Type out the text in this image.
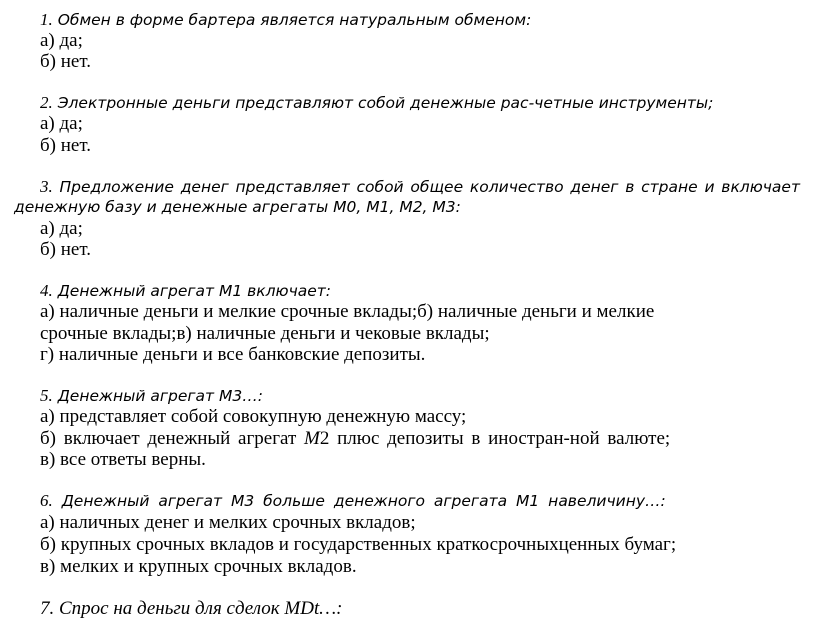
1. Обмен в форме бартера является натуральным обменом:
а) да;
б) нет.
2. Электронные деньги представляют собой денежные рас-четные инструменты;
а) да;
б) нет.
3. Предложение денег представляет собой общее количество денег в стране и включает денежную базу и денежные агрегаты М0, М1, М2, М3:
а) да;
б) нет.
4. Денежный агрегат М1 включает:
а) наличные деньги и мелкие срочные вклады;б) наличные деньги и мелкие
срочные вклады;в) наличные деньги и чековые вклады;
г) наличные деньги и все банковские депозиты.
5. Денежный агрегат М3…:
а) представляет собой совокупную денежную массу;
б) включает денежный агрегат М2 плюс депозиты в иностран-ной валюте;
в) все ответы верны.
6. Денежный агрегат М3 больше денежного агрегата М1 навеличину…:
а) наличных денег и мелких срочных вкладов;
б) крупных срочных вкладов и государственных краткосрочныхценных бумаг;
в) мелких и крупных срочных вкладов.
7. Спрос на деньги для сделок MDt…:
